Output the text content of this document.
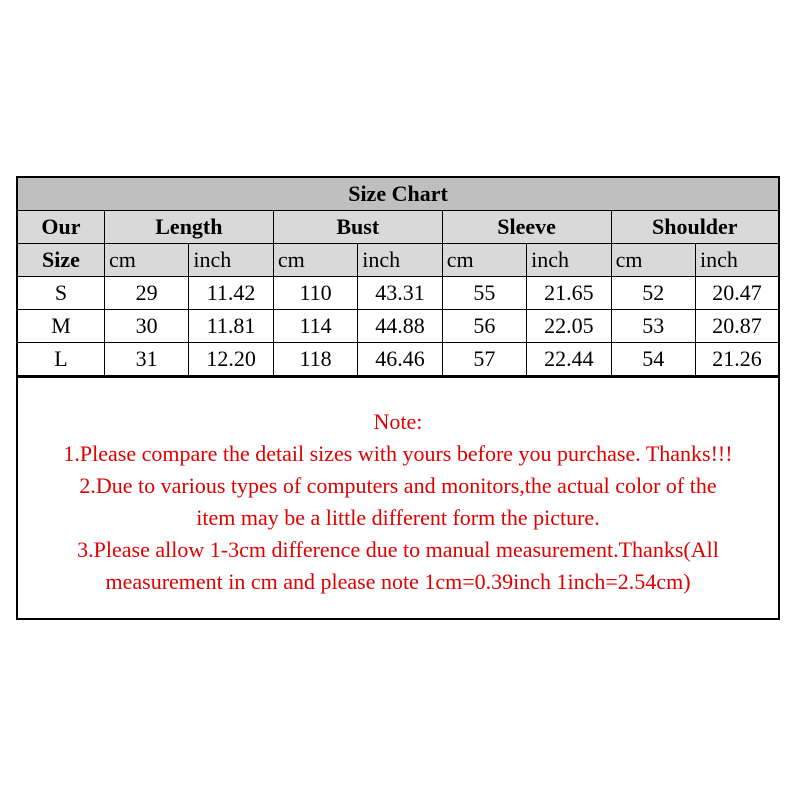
Size Chart								
Our	Length		Bust		Sleeve		Shoulder	
Size	cm	inch	cm	inch	cm	inch	cm	inch
S	29	11.42	110	43.31	55	21.65	52	20.47
M	30	11.81	114	44.88	56	22.05	53	20.87
L	31	12.20	118	46.46	57	22.44	54	21.26
Note:
1.Please compare the detail sizes with yours before you purchase. Thanks!!!
2.Due to various types of computers and monitors,the actual color of the
item may be a little different form the picture.
3.Please allow 1-3cm difference due to manual measurement.Thanks(All
measurement in cm and please note 1cm=0.39inch 1inch=2.54cm)
